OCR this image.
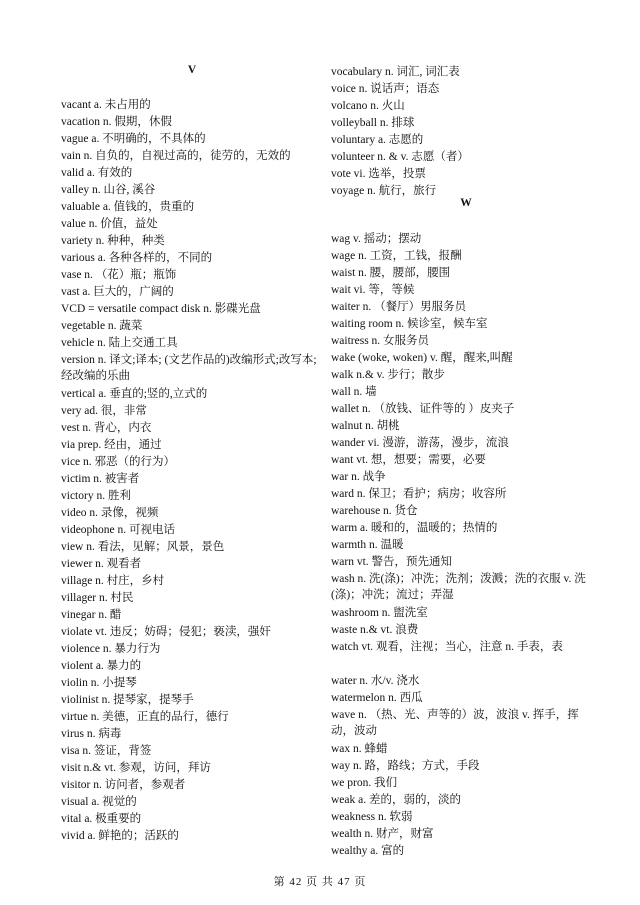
V
vacant a. 未占用的
vacation n. 假期，休假
vague a. 不明确的，不具体的
vain n. 自负的，自视过高的，徒劳的，无效的
valid a. 有效的
valley n. 山谷, 溪谷
valuable a. 值钱的，贵重的
value n. 价值，益处
variety n. 种种，种类
various a. 各种各样的，不同的
vase n. （花）瓶；瓶饰
vast a. 巨大的，广阔的
VCD = versatile compact disk n. 影碟光盘
vegetable n. 蔬菜
vehicle n. 陆上交通工具
version n. 译文;译本; (文艺作品的)改编形式;改写本;经改编的乐曲
vertical a. 垂直的;竖的,立式的
very ad. 很，非常
vest n. 背心，内衣
via prep. 经由，通过
vice n. 邪恶（的行为）
victim n. 被害者
victory n. 胜利
video n. 录像，视频
videophone n. 可视电话
view n. 看法，见解；风景，景色
viewer n. 观看者
village n. 村庄，乡村
villager n. 村民
vinegar n. 醋
violate vt. 违反；妨碍；侵犯；亵渎，强奸
violence n. 暴力行为
violent a. 暴力的
violin n. 小提琴
violinist n. 提琴家，提琴手
virtue n. 美德，正直的品行，德行
virus n. 病毒
visa n. 签证，背签
visit n.& vt. 参观，访问，拜访
visitor n. 访问者，参观者
visual a. 视觉的
vital a. 极重要的
vivid a. 鲜艳的；活跃的
vocabulary n. 词汇, 词汇表
voice n. 说话声；语态
volcano n. 火山
volleyball n. 排球
voluntary a. 志愿的
volunteer n. & v. 志愿（者）
vote vi. 选举，投票
voyage n. 航行，旅行
W
wag v. 摇动；摆动
wage n. 工资，工钱，报酬
waist n. 腰，腰部，腰围
wait vi. 等，等候
waiter n. （餐厅）男服务员
waiting room n. 候诊室，候车室
waitress n. 女服务员
wake (woke, woken) v. 醒，醒来,叫醒
walk n.& v. 步行；散步
wall n. 墙
wallet n. （放钱、证件等的 ）皮夹子
walnut n. 胡桃
wander vi. 漫游，游荡，漫步，流浪
want vt. 想，想要；需要，必要
war n. 战争
ward n. 保卫；看护；病房；收容所
warehouse n. 货仓
warm a. 暖和的，温暖的；热情的
warmth n. 温暖
warn vt. 警告，预先通知
wash n. 洗(涤)；冲洗；洗剂；泼溅；洗的衣服 v. 洗(涤)；冲洗；流过；弄湿
washroom n. 盥洗室
waste n.& vt. 浪费
watch vt. 观看，注视；当心，注意 n. 手表，表
water n. 水/v. 浇水
watermelon n. 西瓜
wave n. （热、光、声等的）波，波浪 v. 挥手，挥动，波动
wax n. 蜂蜡
way n. 路，路线；方式，手段
we pron. 我们
weak a. 差的，弱的，淡的
weakness n. 软弱
wealth n. 财产，财富
wealthy a. 富的
第 42 页 共 47 页
